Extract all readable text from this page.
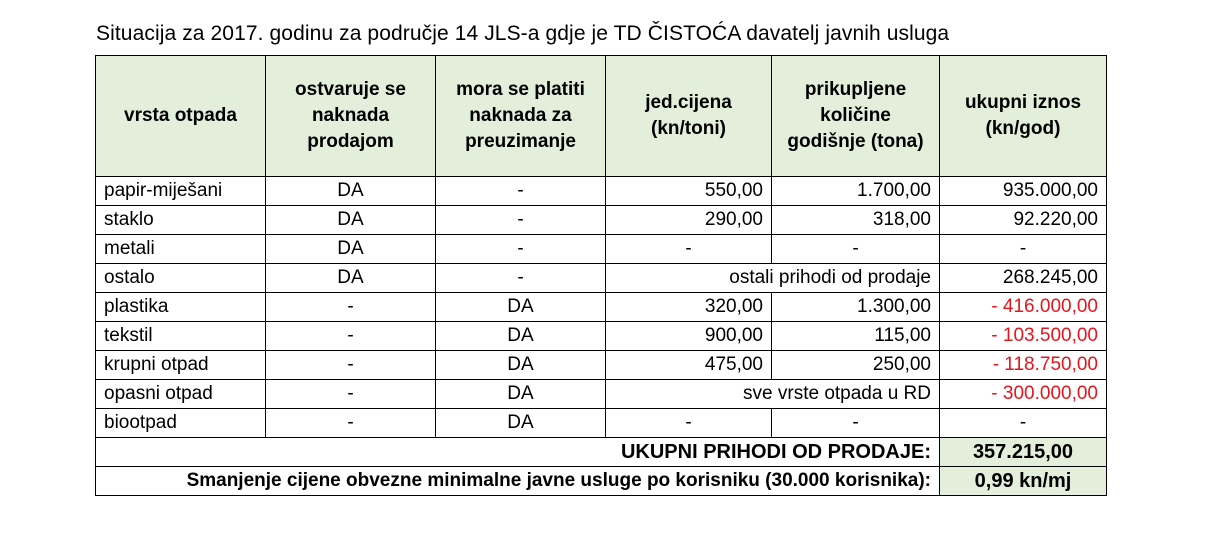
Situacija za 2017. godinu za područje 14 JLS-a gdje je TD ČISTOĆA davatelj javnih usluga
vrsta otpada	ostvaruje se naknada prodajom	mora se platiti naknada za preuzimanje	jed.cijena (kn/toni)	prikupljene količine godišnje (tona)	ukupni iznos (kn/god)
papir-miješani	DA	-	550,00	1.700,00	935.000,00
staklo	DA	-	290,00	318,00	92.220,00
metali	DA	-	-	-	-
ostalo	DA	-	ostali prihodi od prodaje		268.245,00
plastika	-	DA	320,00	1.300,00	- 416.000,00
tekstil	-	DA	900,00	115,00	- 103.500,00
krupni otpad	-	DA	475,00	250,00	- 118.750,00
opasni otpad	-	DA	sve vrste otpada u RD		- 300.000,00
biootpad	-	DA	-	-	-
UKUPNI PRIHODI OD PRODAJE:					357.215,00
Smanjenje cijene obvezne minimalne javne usluge po korisniku (30.000 korisnika):					0,99 kn/mj
